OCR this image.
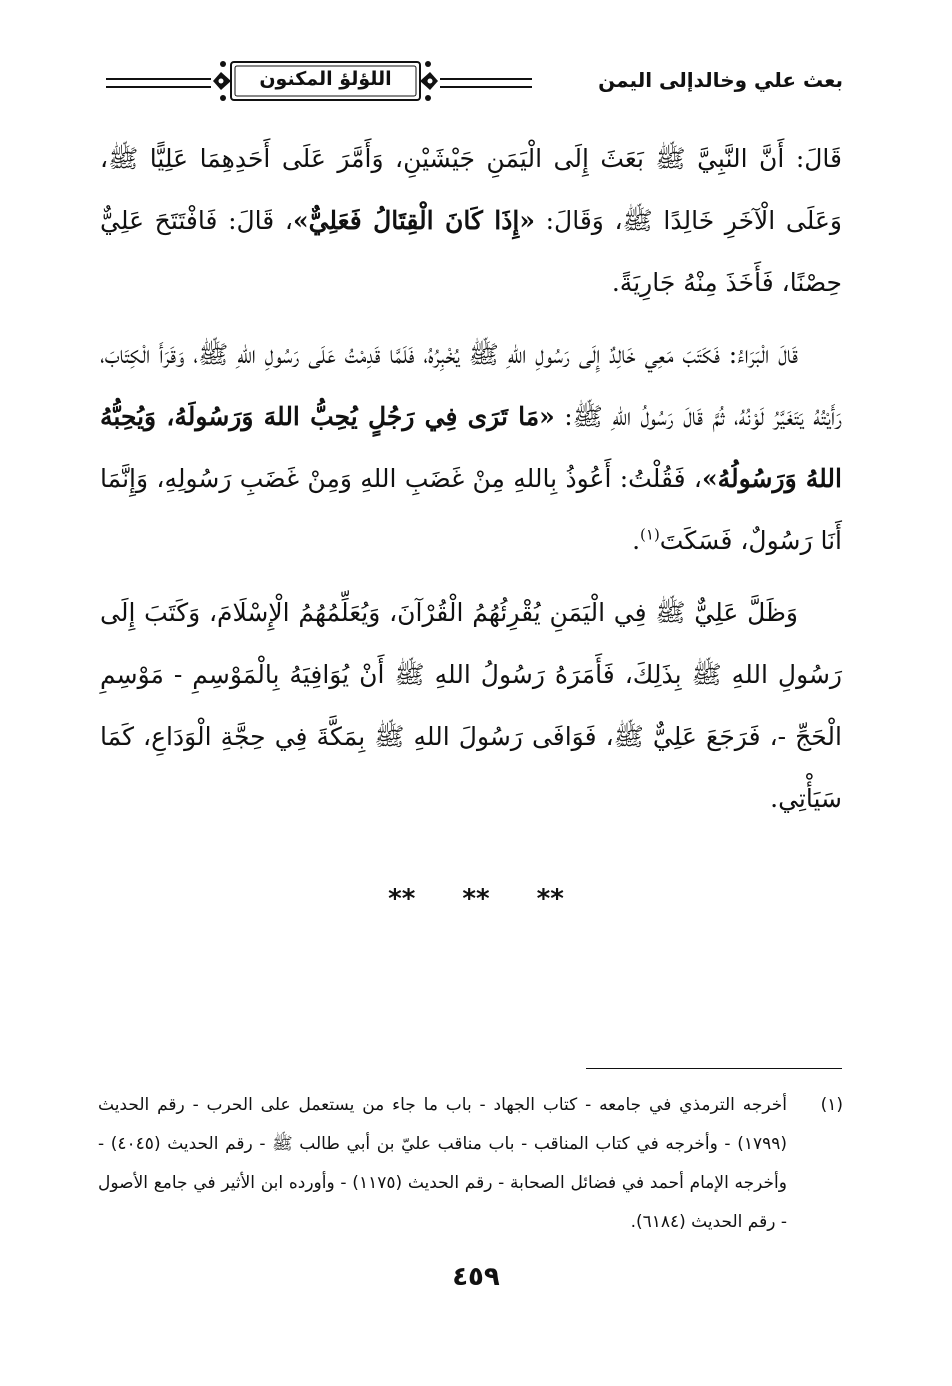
بعث علي وخالدإلى اليمن
اللؤلؤ المكنون

قَالَ: أَنَّ النَّبِيَّ ﷺ بَعَثَ إِلَى الْيَمَنِ جَيْشَيْنِ، وَأَمَّرَ عَلَى أَحَدِهِمَا عَلِيًّا ﷺ، وَعَلَى الْآخَرِ خَالِدًا ﷺ، وَقَالَ: «إِذَا كَانَ الْقِتَالُ فَعَلِيٌّ»، قَالَ: فَافْتَتَحَ عَلِيٌّ حِصْنًا، فَأَخَذَ مِنْهُ جَارِيَةً.

قَالَ الْبَرَاءُ: فَكَتَبَ مَعِي خَالِدٌ إِلَى رَسُولِ اللهِ ﷺ يُخْبِرُهُ، فَلَمَّا قَدِمْتُ عَلَى رَسُولِ اللهِ ﷺ، وَقَرَأَ الْكِتَابَ، رَأَيْتُهُ يَتَغَيَّرُ لَوْنُهُ، ثُمَّ قَالَ رَسُولُ اللهِ ﷺ: «مَا تَرَى فِي رَجُلٍ يُحِبُّ اللهَ وَرَسُولَهُ، وَيُحِبُّهُ اللهُ وَرَسُولُهُ»، فَقُلْتُ: أَعُوذُ بِاللهِ مِنْ غَضَبِ اللهِ وَمِنْ غَضَبِ رَسُولِهِ، وَإِنَّمَا أَنَا رَسُولٌ، فَسَكَتَ$^{(١)}$.

وَظَلَّ عَلِيٌّ ﷺ فِي الْيَمَنِ يُقْرِئُهُمُ الْقُرْآنَ، وَيُعَلِّمُهُمُ الْإِسْلَامَ، وَكَتَبَ إِلَى رَسُولِ اللهِ ﷺ بِذَلِكَ، فَأَمَرَهُ رَسُولُ اللهِ ﷺ أَنْ يُوَافِيَهُ بِالْمَوْسِمِ - مَوْسِمِ الْحَجِّ -، فَرَجَعَ عَلِيٌّ ﷺ، فَوَافَى رَسُولَ اللهِ ﷺ بِمَكَّةَ فِي حِجَّةِ الْوَدَاعِ، كَمَا سَيَأْتِي.

** ** **
(١)
أخرجه الترمذي في جامعه - كتاب الجهاد - باب ما جاء من يستعمل على الحرب - رقم الحديث (١٧٩٩) - وأخرجه في كتاب المناقب - باب مناقب عليّ بن أبي طالب ﷺ - رقم الحديث (٤٠٤٥) - وأخرجه الإمام أحمد في فضائل الصحابة - رقم الحديث (١١٧٥) - وأورده ابن الأثير في جامع الأصول - رقم الحديث (٦١٨٤).
٤٥٩
